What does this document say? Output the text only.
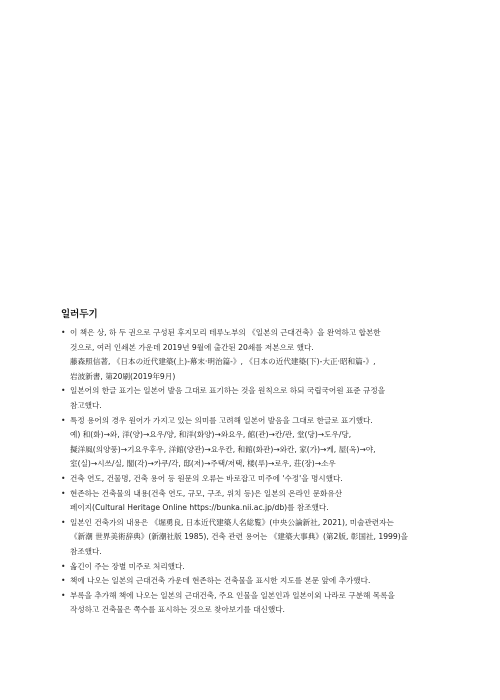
일러두기
• 이 책은 상, 하 두 권으로 구성된 후지모리 테루노부의 《일본의 근대건축》을 완역하고 합본한
것으로, 여러 인쇄본 가운데 2019년 9월에 출간된 20쇄를 저본으로 했다.
藤森照信著, 《日本の近代建築(上)-幕末·明治篇-》, 《日本の近代建築(下)-大正·昭和篇-》,
岩波新書, 第20刷(2019年9月)
• 일본어의 한글 표기는 일본어 발음 그대로 표기하는 것을 원칙으로 하되 국립국어원 표준 규정을
참고했다.
• 특정 용어의 경우 원어가 가지고 있는 의미를 고려해 일본어 발음을 그대로 한글로 표기했다.
예) 和(화)→와, 洋(양)→요우/양, 和洋(화양)→와요우, 館(관)→칸/관, 堂(당)→도우/당,
擬洋風(의양풍)→기요우후우, 洋館(양관)→요우칸, 和館(화관)→와칸, 家(가)→케, 屋(옥)→야,
室(실)→시쓰/실, 閣(각)→카쿠/각, 邸(저)→주택/저택, 楼(루)→로우, 荘(장)→소우
• 건축 연도, 건물명, 건축 용어 등 원문의 오류는 바로잡고 미주에 '수정'을 명시했다.
• 현존하는 건축물의 내용(건축 연도, 규모, 구조, 위치 등)은 일본의 온라인 문화유산
페이지(Cultural Heritage Online https://bunka.nii.ac.jp/db)를 참조했다.
• 일본인 건축가의 내용은 《堀勇良, 日本近代建築人名総覧》(中央公論新社, 2021), 미술관련자는
《新潮 世界美術辞典》(新潮社版 1985), 건축 관련 용어는 《建築大事典》(第2版, 彰国社, 1999)을
참조했다.
• 옮긴이 주는 장별 미주로 처리했다.
• 책에 나오는 일본의 근대건축 가운데 현존하는 건축물을 표시한 지도를 본문 앞에 추가했다.
• 부록을 추가해 책에 나오는 일본의 근대건축, 주요 인물을 일본인과 일본이외 나라로 구분해 목록을
작성하고 건축물은 쪽수를 표시하는 것으로 찾아보기를 대신했다.
